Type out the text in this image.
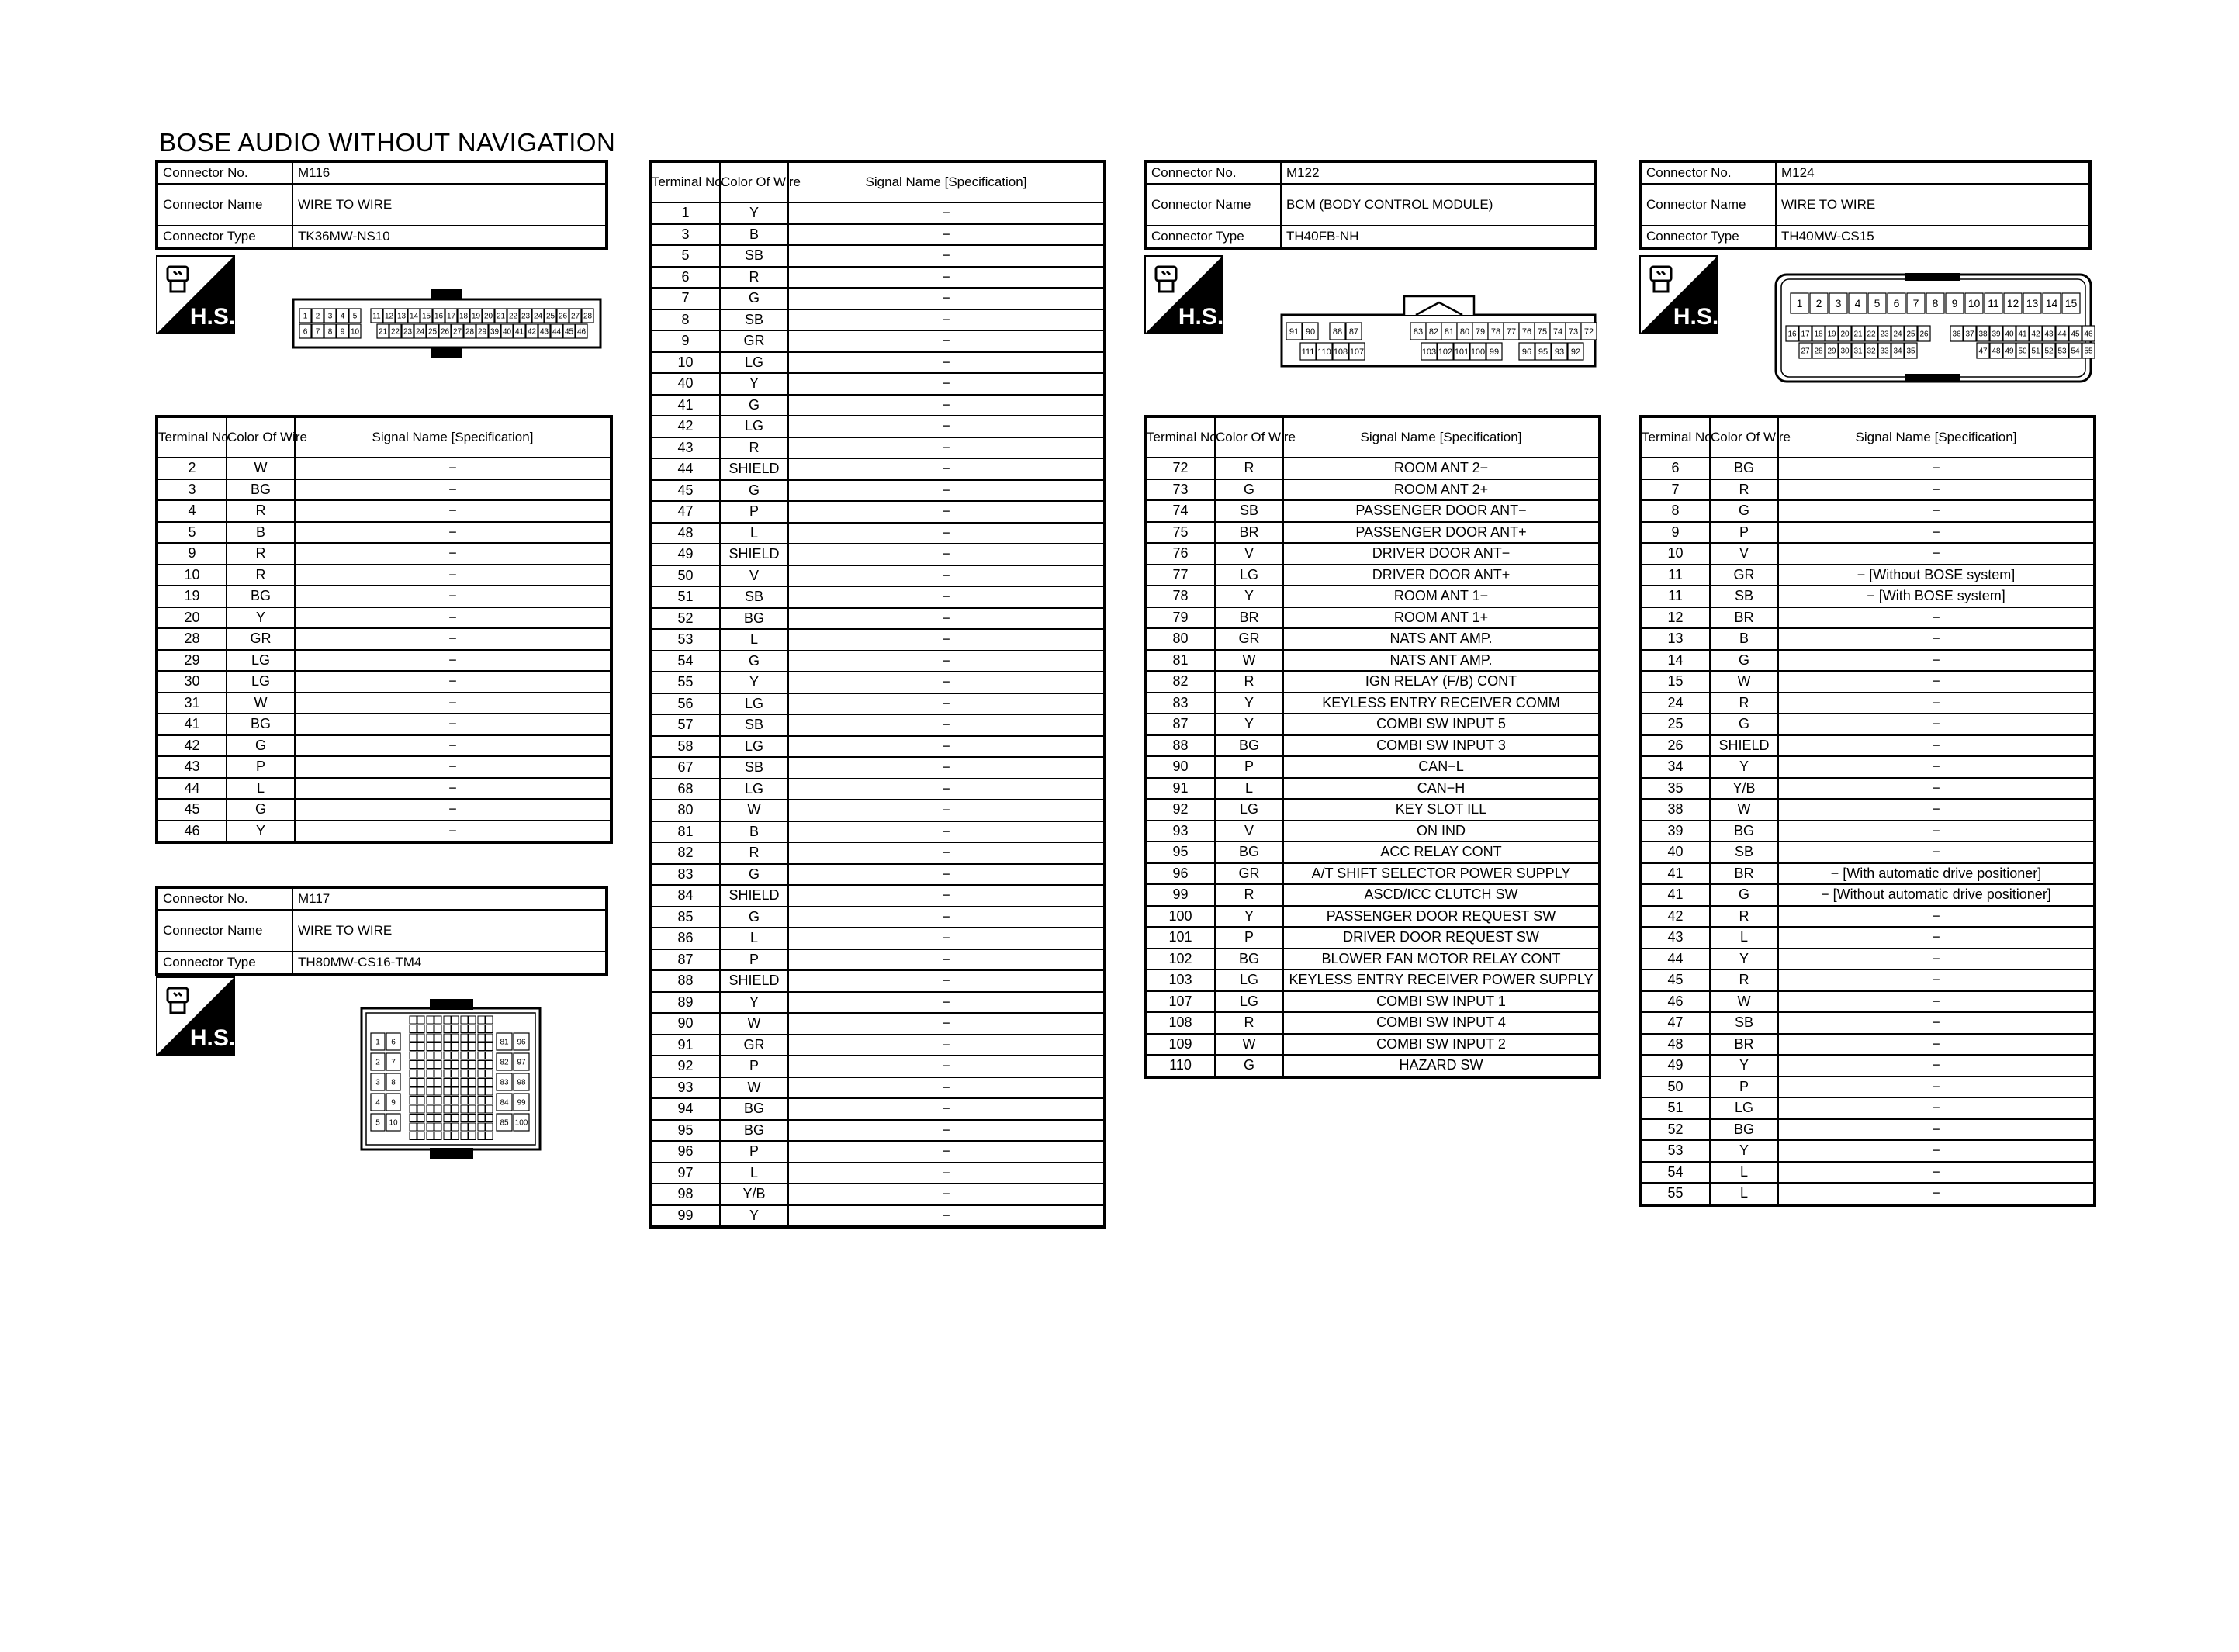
BOSE AUDIO WITHOUT NAVIGATION
Connector No.	M116
Connector Name	WIRE TO WIRE
Connector Type	TK36MW-NS10
Connector No.	M117
Connector Name	WIRE TO WIRE
Connector Type	TH80MW-CS16-TM4
Connector No.	M122
Connector Name	BCM (BODY CONTROL MODULE)
Connector Type	TH40FB-NH
Connector No.	M124
Connector Name	WIRE TO WIRE
Connector Type	TH40MW-CS15
H.S.
H.S.
H.S.	H.S.
1 2 3 4 5 11 12 13 14 15 16 17 18 19 20 21 22 23 24 25 26 27 28
6 7 8 9 10 21 22 23 24 25 26 27 28 29 39 40 41 42 43 44 45 46	91 90 88 87	83 82 81 80 79 78 77 76 75 74 73 72
111 110 108 107	103 102 101 100 99	96 95 93 92
1 2 3 4 5 6 7 8 9 10 11 12 13 14 15
16 17 18 19 20 21 22 23 24 25 26	36 37 38 39 40 41 42 43 44 45 46
27 28 29 30 31 32 33 34 35	47 48 49 50 51 52 53 54 55
1 6
2 7
3 8
4 9
5 10
81 96
82 97
83 98
84 99
85 100
Terminal No.	Color Of Wire	Signal Name [Specification]
2	W	−
3	BG	−
4	R	−
5	B	−
9	R	−
10	R	−
19	BG	−
20	Y	−
28	GR	−
29	LG	−
30	LG	−
31	W	−
41	BG	−
42	G	−
43	P	−
44	L	−
45	G	−
46	Y	−
Terminal No.	Color Of Wire	Signal Name [Specification]
1	Y	−
3	B	−
5	SB	−
6	R	−
7	G	−
8	SB	−
9	GR	−
10	LG	−
40	Y	−
41	G	−
42	LG	−
43	R	−
44	SHIELD	−
45	G	−
47	P	−
48	L	−
49	SHIELD	−
50	V	−
51	SB	−
52	BG	−
53	L	−
54	G	−
55	Y	−
56	LG	−
57	SB	−
58	LG	−
67	SB	−
68	LG	−
80	W	−
81	B	−
82	R	−
83	G	−
84	SHIELD	−
85	G	−
86	L	−
87	P	−
88	SHIELD	−
89	Y	−
90	W	−
91	GR	−
92	P	−
93	W	−
94	BG	−
95	BG	−
96	P	−
97	L	−
98	Y/B	−
99	Y	−
Terminal No.	Color Of Wire	Signal Name [Specification]
72	R	ROOM ANT 2−
73	G	ROOM ANT 2+
74	SB	PASSENGER DOOR ANT−
75	BR	PASSENGER DOOR ANT+
76	V	DRIVER DOOR ANT−
77	LG	DRIVER DOOR ANT+
78	Y	ROOM ANT 1−
79	BR	ROOM ANT 1+
80	GR	NATS ANT AMP.
81	W	NATS ANT AMP.
82	R	IGN RELAY (F/B) CONT
83	Y	KEYLESS ENTRY RECEIVER COMM
87	Y	COMBI SW INPUT 5
88	BG	COMBI SW INPUT 3
90	P	CAN−L
91	L	CAN−H
92	LG	KEY SLOT ILL
93	V	ON IND
95	BG	ACC RELAY CONT
96	GR	A/T SHIFT SELECTOR POWER SUPPLY
99	R	ASCD/ICC CLUTCH SW
100	Y	PASSENGER DOOR REQUEST SW
101	P	DRIVER DOOR REQUEST SW
102	BG	BLOWER FAN MOTOR RELAY CONT
103	LG	KEYLESS ENTRY RECEIVER POWER SUPPLY
107	LG	COMBI SW INPUT 1
108	R	COMBI SW INPUT 4
109	W	COMBI SW INPUT 2
110	G	HAZARD SW
Terminal No.	Color Of Wire	Signal Name [Specification]
6	BG	−
7	R	−
8	G	−
9	P	−
10	V	−
11	GR	− [Without BOSE system]
11	SB	− [With BOSE system]
12	BR	−
13	B	−
14	G	−
15	W	−
24	R	−
25	G	−
26	SHIELD	−
34	Y	−
35	Y/B	−
38	W	−
39	BG	−
40	SB	−
41	BR	− [With automatic drive positioner]
41	G	− [Without automatic drive positioner]
42	R	−
43	L	−
44	Y	−
45	R	−
46	W	−
47	SB	−
48	BR	−
49	Y	−
50	P	−
51	LG	−
52	BG	−
53	Y	−
54	L	−
55	L	−
